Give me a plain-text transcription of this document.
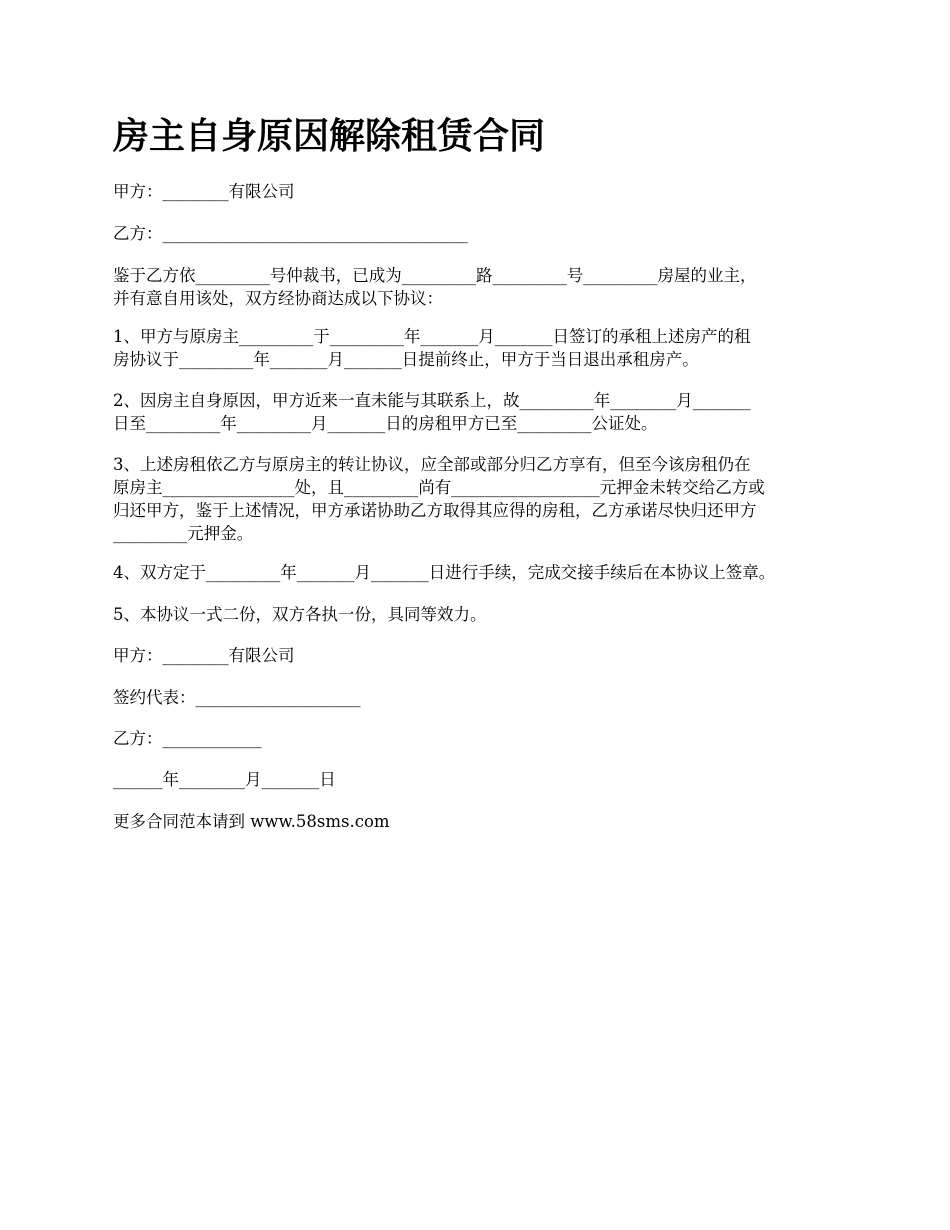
房主自身原因解除租赁合同

甲方：________有限公司

乙方：_____________________________________

鉴于乙方依_________号仲裁书，已成为_________路_________号_________房屋的业主，
并有意自用该处，双方经协商达成以下协议：
1、甲方与原房主_________于_________年_______月_______日签订的承租上述房产的租
房协议于_________年_______月_______日提前终止，甲方于当日退出承租房产。
2、因房主自身原因，甲方近来一直未能与其联系上，故_________年________月_______
日至_________年_________月_______日的房租甲方已至_________公证处。
3、上述房租依乙方与原房主的转让协议，应全部或部分归乙方享有，但至今该房租仍在
原房主________________处，且_________尚有__________________元押金未转交给乙方或
归还甲方，鉴于上述情况，甲方承诺协助乙方取得其应得的房租，乙方承诺尽快归还甲方
_________元押金。

4、双方定于_________年_______月_______日进行手续，完成交接手续后在本协议上签章。

5、本协议一式二份，双方各执一份，具同等效力。

甲方：________有限公司

签约代表：____________________

乙方：____________

______年________月_______日

更多合同范本请到 www.58sms.com
